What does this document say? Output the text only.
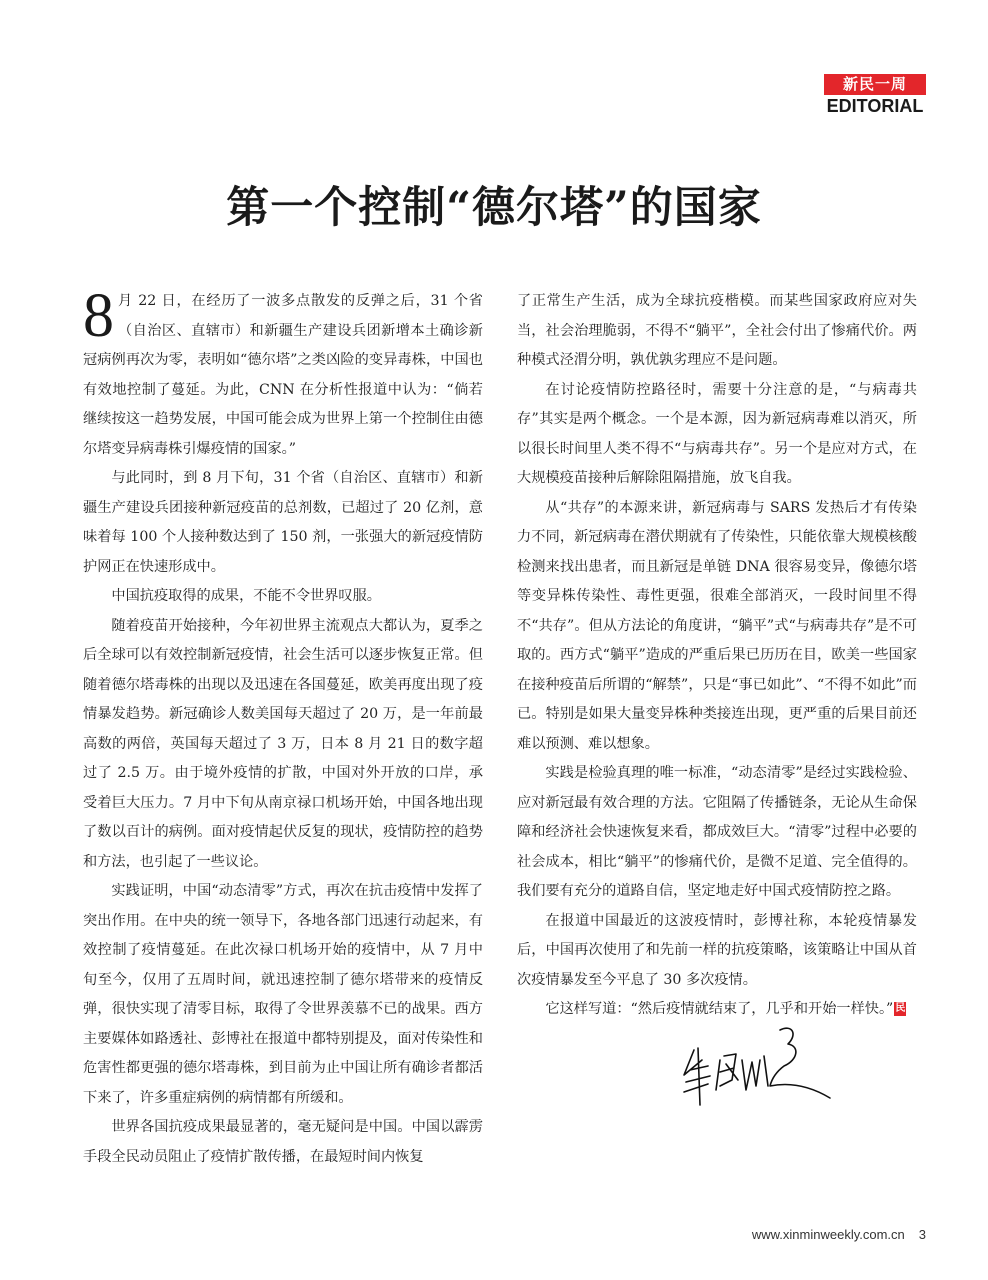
新民一周
EDITORIAL
第一个控制“德尔塔”的国家

8 月 22 日，在经历了一波多点散发的反弹之后，31 个省（自治区、直辖市）和新疆生产建设兵团新增本土确诊新冠病例再次为零，表明如“德尔塔”之类凶险的变异毒株，中国也有效地控制了蔓延。为此，CNN 在分析性报道中认为：“倘若继续按这一趋势发展，中国可能会成为世界上第一个控制住由德尔塔变异病毒株引爆疫情的国家。”

与此同时，到 8 月下旬，31 个省（自治区、直辖市）和新疆生产建设兵团接种新冠疫苗的总剂数，已超过了 20 亿剂，意味着每 100 个人接种数达到了 150 剂，一张强大的新冠疫情防护网正在快速形成中。

中国抗疫取得的成果，不能不令世界叹服。

随着疫苗开始接种，今年初世界主流观点大都认为，夏季之后全球可以有效控制新冠疫情，社会生活可以逐步恢复正常。但随着德尔塔毒株的出现以及迅速在各国蔓延，欧美再度出现了疫情暴发趋势。新冠确诊人数美国每天超过了 20 万，是一年前最高数的两倍，英国每天超过了 3 万，日本 8 月 21 日的数字超过了 2.5 万。由于境外疫情的扩散，中国对外开放的口岸，承受着巨大压力。7 月中下旬从南京禄口机场开始，中国各地出现了数以百计的病例。面对疫情起伏反复的现状，疫情防控的趋势和方法，也引起了一些议论。

实践证明，中国“动态清零”方式，再次在抗击疫情中发挥了突出作用。在中央的统一领导下，各地各部门迅速行动起来，有效控制了疫情蔓延。在此次禄口机场开始的疫情中，从 7 月中旬至今，仅用了五周时间，就迅速控制了德尔塔带来的疫情反弹，很快实现了清零目标，取得了令世界羡慕不已的战果。西方主要媒体如路透社、彭博社在报道中都特别提及，面对传染性和危害性都更强的德尔塔毒株，到目前为止中国让所有确诊者都活下来了，许多重症病例的病情都有所缓和。

世界各国抗疫成果最显著的，毫无疑问是中国。中国以霹雳手段全民动员阻止了疫情扩散传播，在最短时间内恢复

了正常生产生活，成为全球抗疫楷模。而某些国家政府应对失当，社会治理脆弱，不得不“躺平”，全社会付出了惨痛代价。两种模式泾渭分明，孰优孰劣理应不是问题。

在讨论疫情防控路径时，需要十分注意的是，“与病毒共存”其实是两个概念。一个是本源，因为新冠病毒难以消灭，所以很长时间里人类不得不“与病毒共存”。另一个是应对方式，在大规模疫苗接种后解除阻隔措施，放飞自我。

从“共存”的本源来讲，新冠病毒与 SARS 发热后才有传染力不同，新冠病毒在潜伏期就有了传染性，只能依靠大规模核酸检测来找出患者，而且新冠是单链 DNA 很容易变异，像德尔塔等变异株传染性、毒性更强，很难全部消灭，一段时间里不得不“共存”。但从方法论的角度讲，“躺平”式“与病毒共存”是不可取的。西方式“躺平”造成的严重后果已历历在目，欧美一些国家在接种疫苗后所谓的“解禁”，只是“事已如此”、“不得不如此”而已。特别是如果大量变异株种类接连出现，更严重的后果目前还难以预测、难以想象。

实践是检验真理的唯一标准，“动态清零”是经过实践检验、应对新冠最有效合理的方法。它阻隔了传播链条，无论从生命保障和经济社会快速恢复来看，都成效巨大。“清零”过程中必要的社会成本，相比“躺平”的惨痛代价，是微不足道、完全值得的。我们要有充分的道路自信，坚定地走好中国式疫情防控之路。

在报道中国最近的这波疫情时，彭博社称，本轮疫情暴发后，中国再次使用了和先前一样的抗疫策略，该策略让中国从首次疫情暴发至今平息了 30 多次疫情。

它这样写道：“然后疫情就结束了，几乎和开始一样快。” 民

www.xinminweekly.com.cn 3
